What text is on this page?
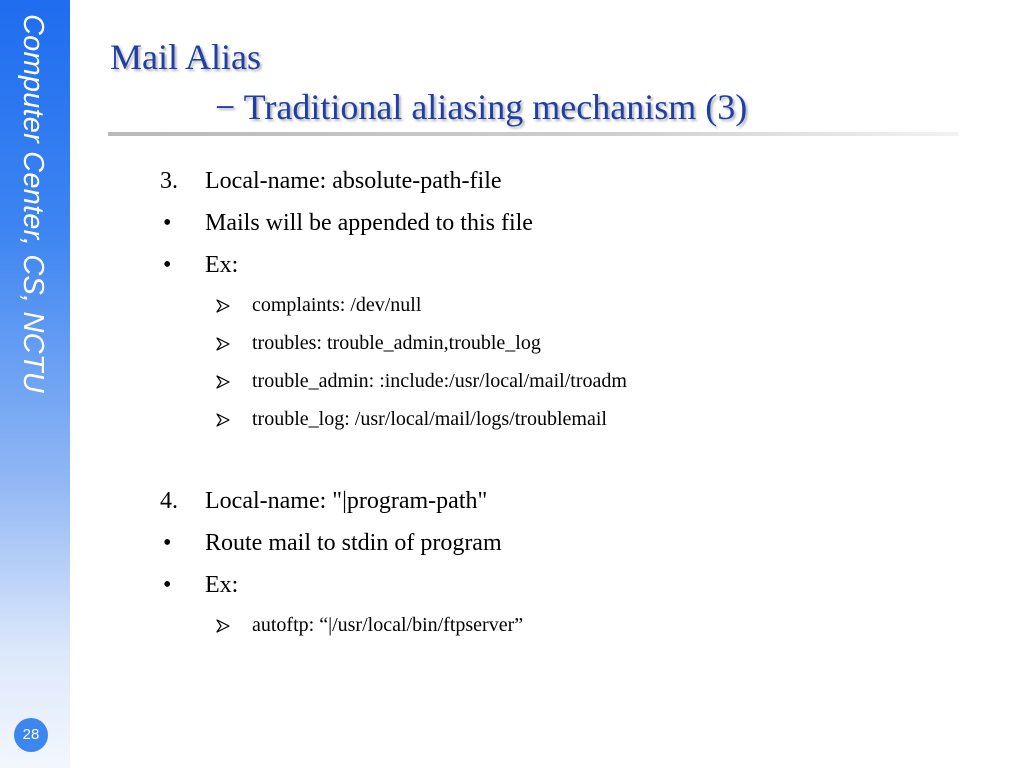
Computer Center, CS, NCTU
28
Mail Alias
− Traditional aliasing mechanism (3)
3. Local-name: absolute-path-file
• Mails will be appended to this file
• Ex:
complaints: /dev/null
troubles: trouble_admin,trouble_log
trouble_admin: :include:/usr/local/mail/troadm
trouble_log: /usr/local/mail/logs/troublemail
4. Local-name: "|program-path"
• Route mail to stdin of program
• Ex:
autoftp: “|/usr/local/bin/ftpserver”
